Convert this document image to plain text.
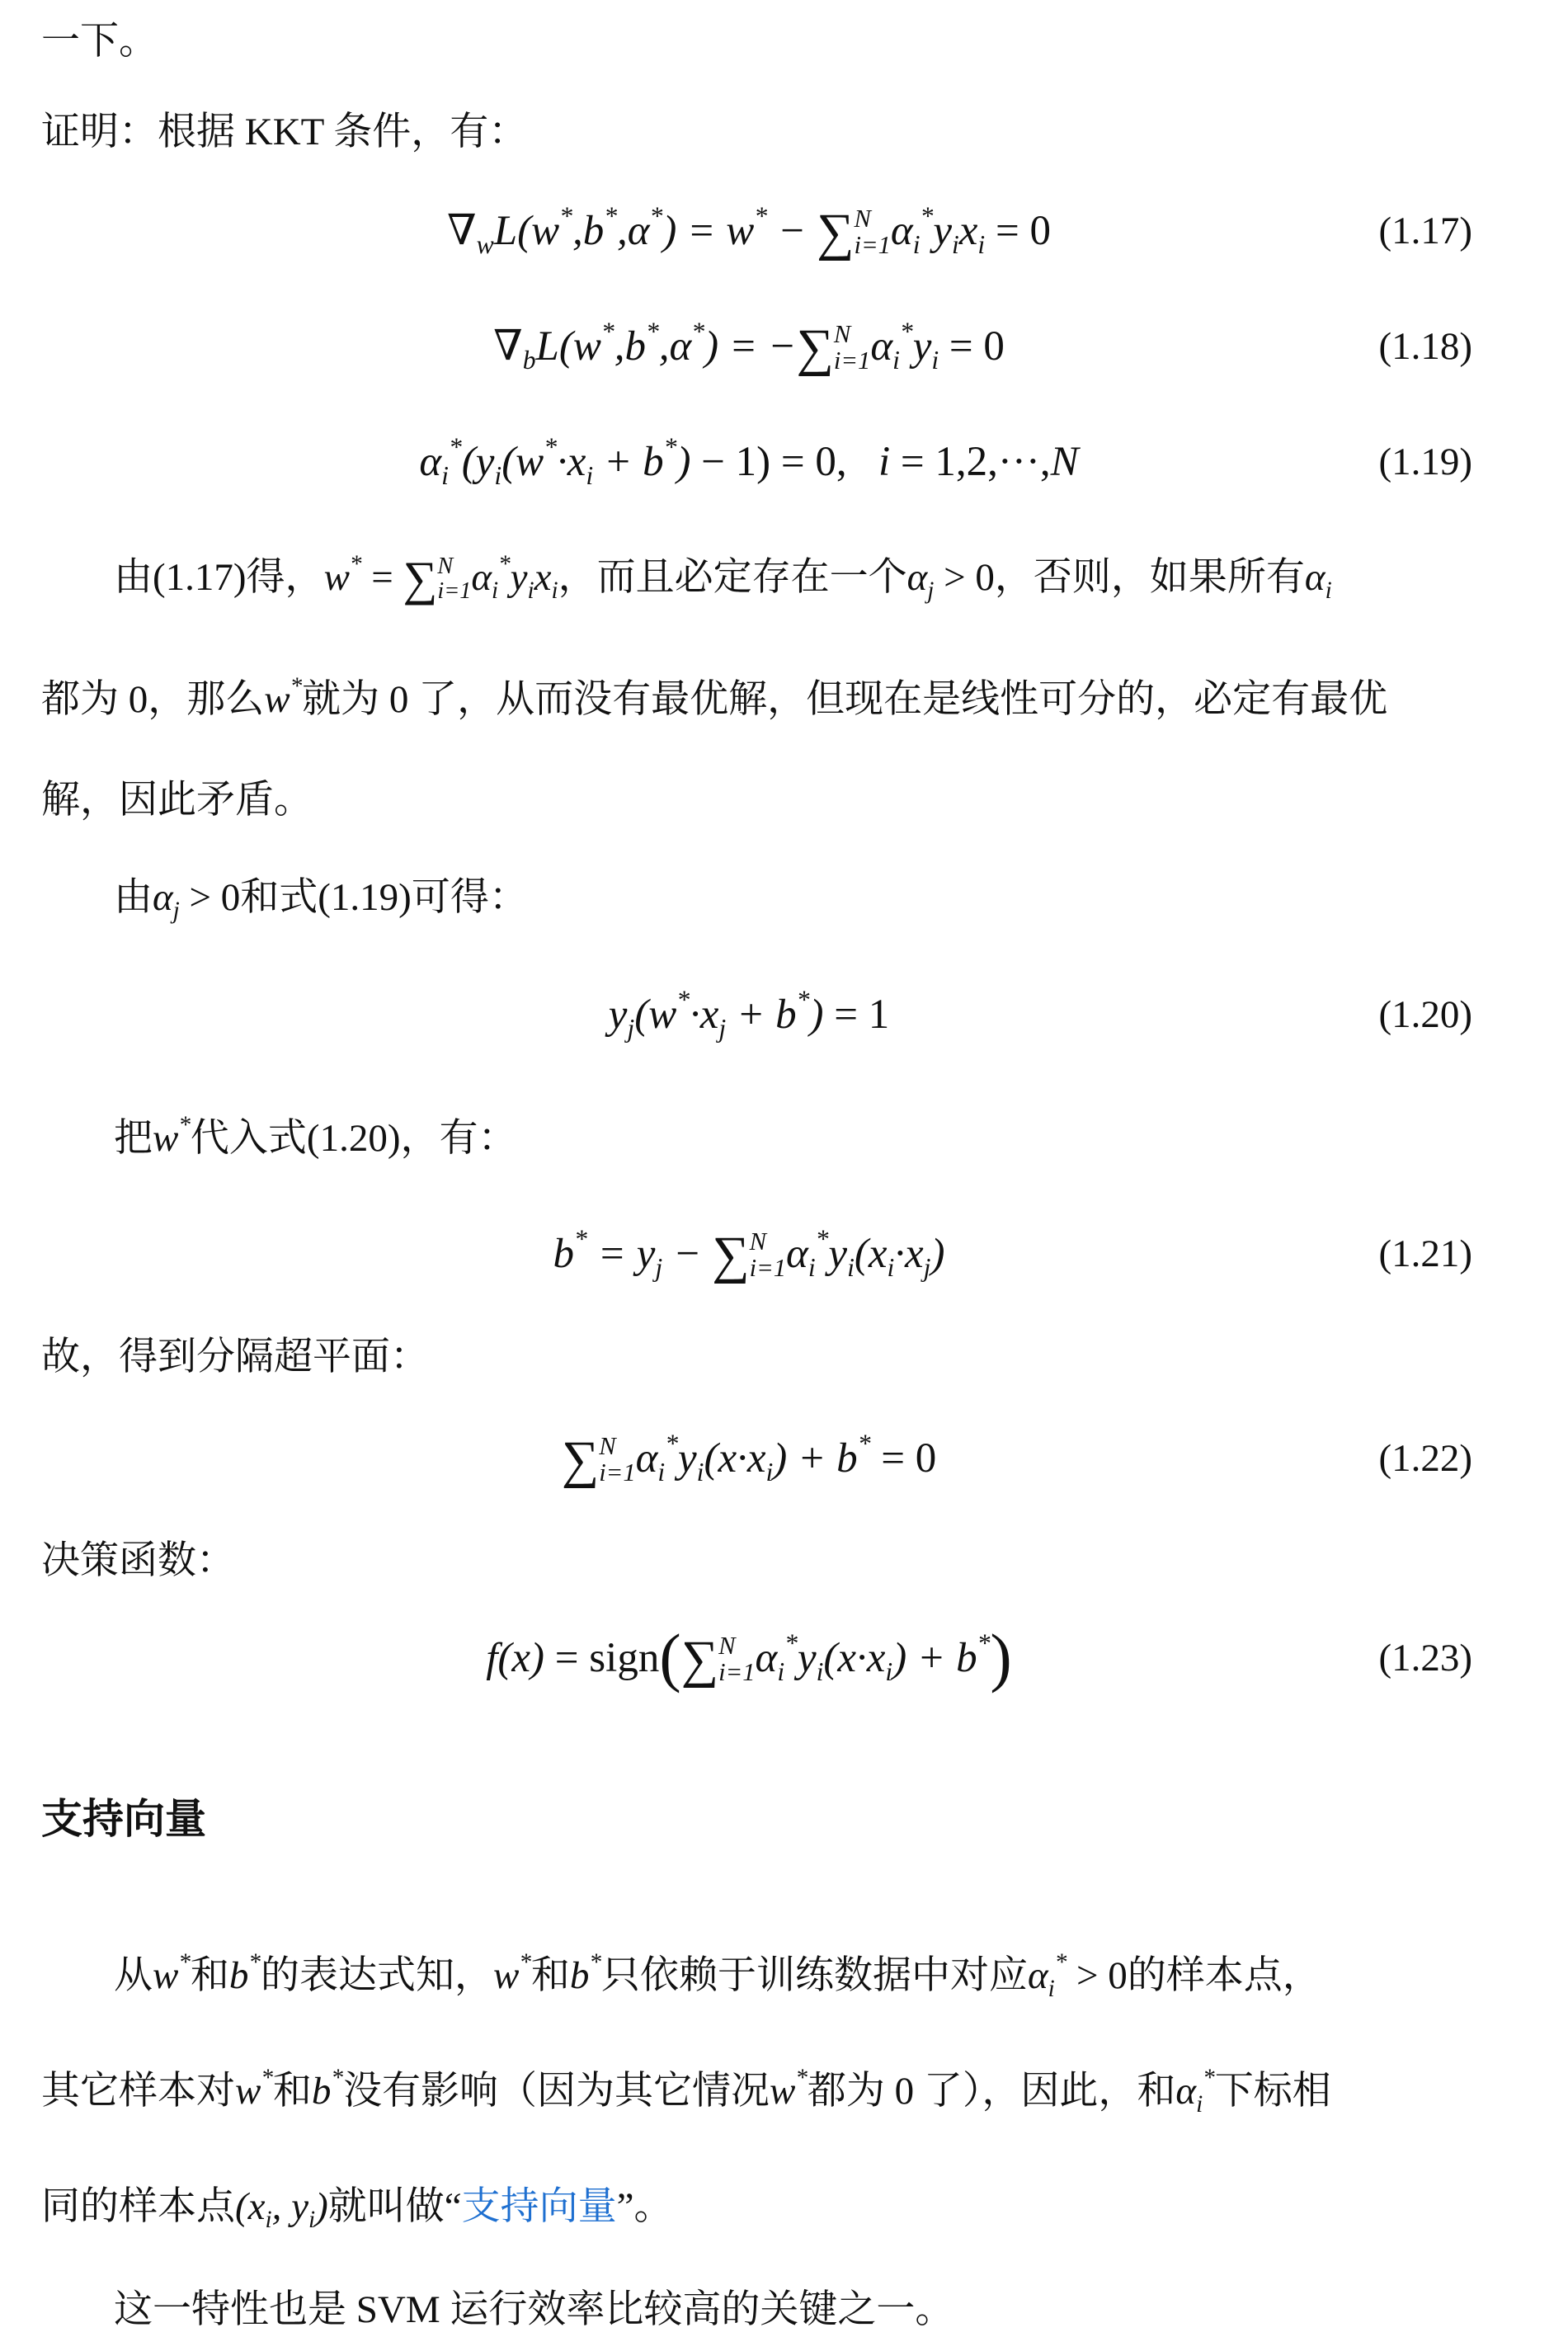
一下。
证明：根据 KKT 条件，有：
$\nabla_wL(w^*,b^*,\alpha^*) = w^*$ − ∑ N
i=1 $\alpha_i^*y_ix_i = 0$	(1.17)
$\nabla_bL(w^*,b^*,\alpha^*)$ = −∑ N
i=1 $\alpha_i^*y_i = 0$	(1.18)
$\alpha_i^*(y_i(w^*\cdot x_i + b^*) - 1) = 0$,   i = 1,2,···,N	(1.19)
由(1.17)得，w* = ∑ N
i=1 $\alpha_i^*y_ix_i$，而且必定存在一个$\alpha_j > 0$，否则，如果所有$\alpha_i$
都为 0，那么w*就为 0 了，从而没有最优解，但现在是线性可分的，必定有最优
解，因此矛盾。
由$\alpha_j > 0$和式(1.19)可得：
$y_j(w^*\cdot x_j + b^*) = 1$	(1.20)
把w*代入式(1.20)，有：
$b^* = y_j$ − ∑ N
i=1 $\alpha_i^*y_i(x_i\cdot x_j)$	(1.21)
故，得到分隔超平面：
∑ N
i=1 $\alpha_i^*y_i(x\cdot x_i) + b^* = 0$	(1.22)
决策函数：
f(x) = sign(∑ N
i=1 $\alpha_i^*y_i(x\cdot x_i) + b^*$)	(1.23)
支持向量
从w*和b*的表达式知，w*和b*只依赖于训练数据中对应$\alpha_i^* > 0$的样本点，
其它样本对w*和b*没有影响（因为其它情况w*都为 0 了），因此，和$\alpha_i^*$下标相
同的样本点($x_i$, $y_i$)就叫做“支持向量”。
这一特性也是 SVM 运行效率比较高的关键之一。
